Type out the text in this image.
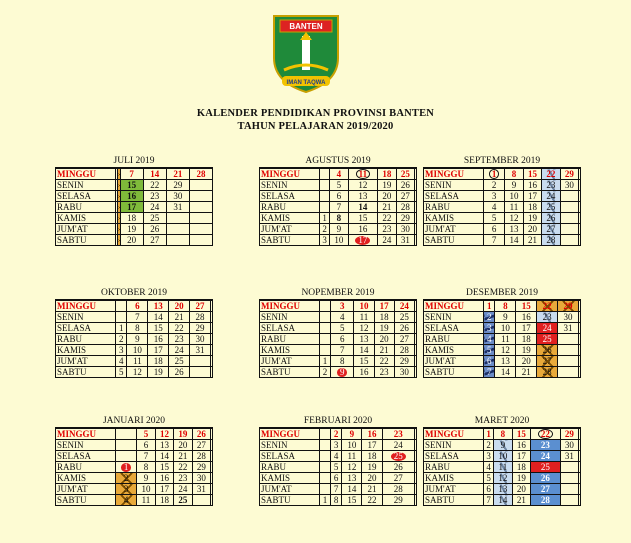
BANTEN
IMAN TAQWA
KALENDER PENDIDIKAN PROVINSI BANTEN
TAHUN PELAJARAN 2019/2020
JULI 2019
MINGGU			7	14	21	28
SENIN			15	22	29	
SELASA			16	23	30	
RABU			17	24	31	
KAMIS			18	25		
JUM'AT			19	26		
SABTU			20	27		
AGUSTUS 2019
MINGGU		4	11	18	25	
SENIN		5	12	19	26	
SELASA		6	13	20	27	
RABU		7	14	21	28	
KAMIS	1	8	15	22	29	
JUM'AT	2	9	16	23	30	
SABTU	3	10	17	24	31	
SEPTEMBER 2019
MINGGU	1	8	15	22	29	
SENIN	2	9	16	23	30	
SELASA	3	10	17	24		
RABU	4	11	18	25		
KAMIS	5	12	19	26		
JUM'AT	6	13	20	27		
SABTU	7	14	21	28		
OKTOBER 2019
MINGGU		6	13	20	27	
SENIN		7	14	21	28	
SELASA	1	8	15	22	29	
RABU	2	9	16	23	30	
KAMIS	3	10	17	24	31	
JUM'AT	4	11	18	25		
SABTU	5	12	19	26		
NOPEMBER 2019
MINGGU		3	10	17	24	
SENIN		4	11	18	25	
SELASA		5	12	19	26	
RABU		6	13	20	27	
KAMIS		7	14	21	28	
JUM'AT	1	8	15	22	29	
SABTU	2	9	16	23	30	
DESEMBER 2019
MINGGU	1	8	15	22	29	
SENIN	2	9	16	23	30	
SELASA	3	10	17	24	31	
RABU	4	11	18	25		
KAMIS	5	12	19	26		
JUM'AT	6	13	20	27		
SABTU	7	14	21	28		
JANUARI 2020
MINGGU		5	12	19	26	
SENIN		6	13	20	27	
SELASA		7	14	21	28	
RABU	1	8	15	22	29	
KAMIS	2	9	16	23	30	
JUM'AT	3	10	17	24	31	
SABTU	4	11	18	25		
FEBRUARI 2020
MINGGU		2	9	16	23	
SENIN		3	10	17	24	
SELASA		4	11	18	25	
RABU		5	12	19	26	
KAMIS		6	13	20	27	
JUM'AT		7	14	21	28	
SABTU	1	8	15	22	29	
MARET 2020
MINGGU	1	8	15	22	29	
SENIN	2	9	16	23	30	
SELASA	3	10	17	24	31	
RABU	4	11	18	25		
KAMIS	5	12	19	26		
JUM'AT	6	13	20	27		
SABTU	7	14	21	28		
